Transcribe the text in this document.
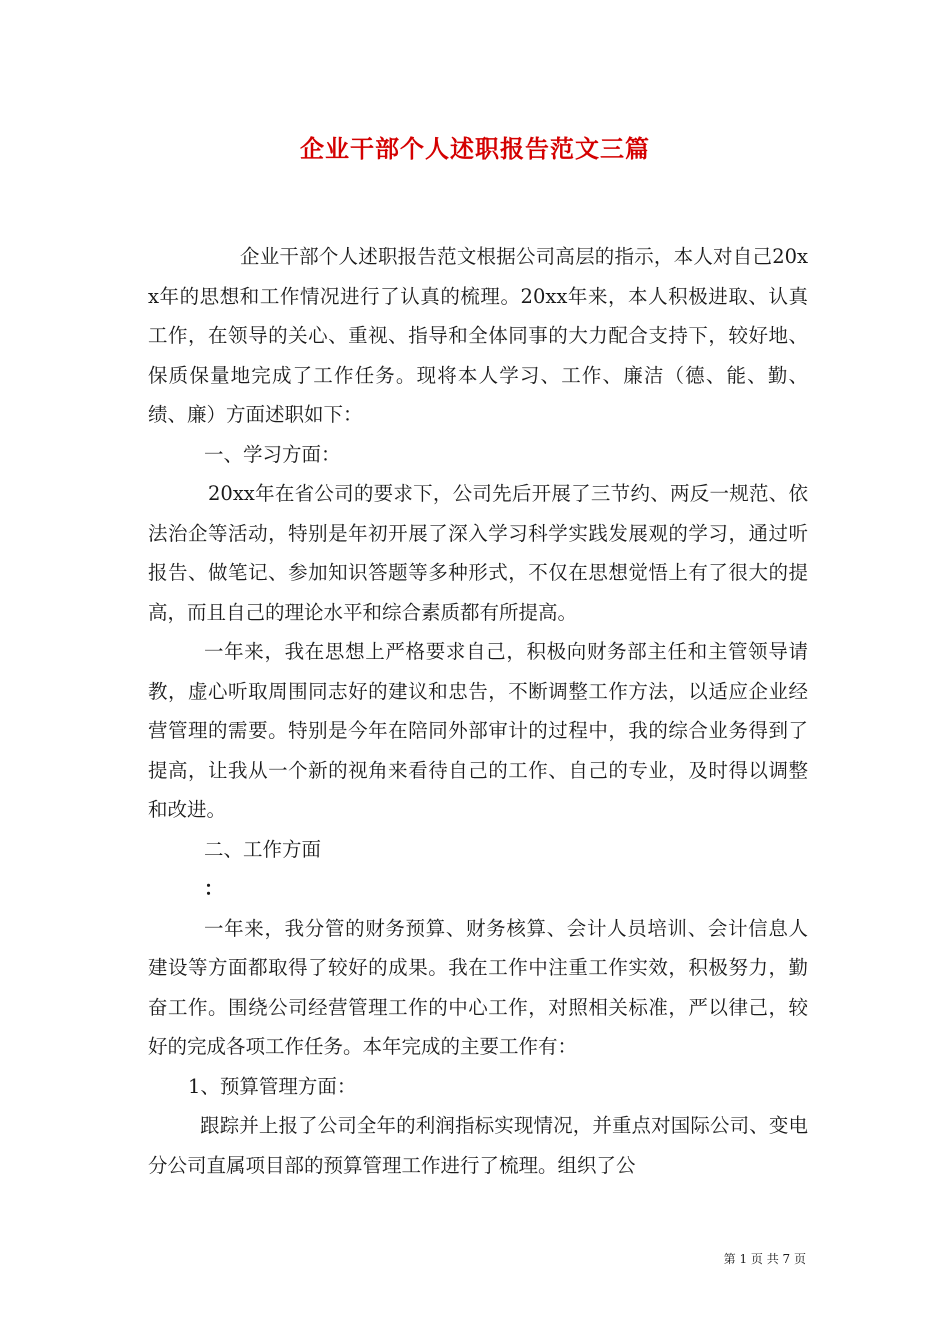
企业干部个人述职报告范文三篇

企业干部个人述职报告范文根据公司高层的指示，本人对自己20xx年的思想和工作情况进行了认真的梳理。20xx年来，本人积极进取、认真工作，在领导的关心、重视、指导和全体同事的大力配合支持下，较好地、保质保量地完成了工作任务。现将本人学习、工作、廉洁（德、能、勤、绩、廉）方面述职如下：

一、学习方面：

20xx年在省公司的要求下，公司先后开展了三节约、两反一规范、依法治企等活动，特别是年初开展了深入学习科学实践发展观的学习，通过听报告、做笔记、参加知识答题等多种形式，不仅在思想觉悟上有了很大的提高，而且自己的理论水平和综合素质都有所提高。

一年来，我在思想上严格要求自己，积极向财务部主任和主管领导请教，虚心听取周围同志好的建议和忠告，不断调整工作方法，以适应企业经营管理的需要。特别是今年在陪同外部审计的过程中，我的综合业务得到了提高，让我从一个新的视角来看待自己的工作、自己的专业，及时得以调整和改进。

二、工作方面

：

一年来，我分管的财务预算、财务核算、会计人员培训、会计信息人建设等方面都取得了较好的成果。我在工作中注重工作实效，积极努力，勤奋工作。围绕公司经营管理工作的中心工作，对照相关标准，严以律己，较好的完成各项工作任务。本年完成的主要工作有：

1、预算管理方面：

跟踪并上报了公司全年的利润指标实现情况，并重点对国际公司、变电分公司直属项目部的预算管理工作进行了梳理。组织了公

第 1 页 共 7 页
